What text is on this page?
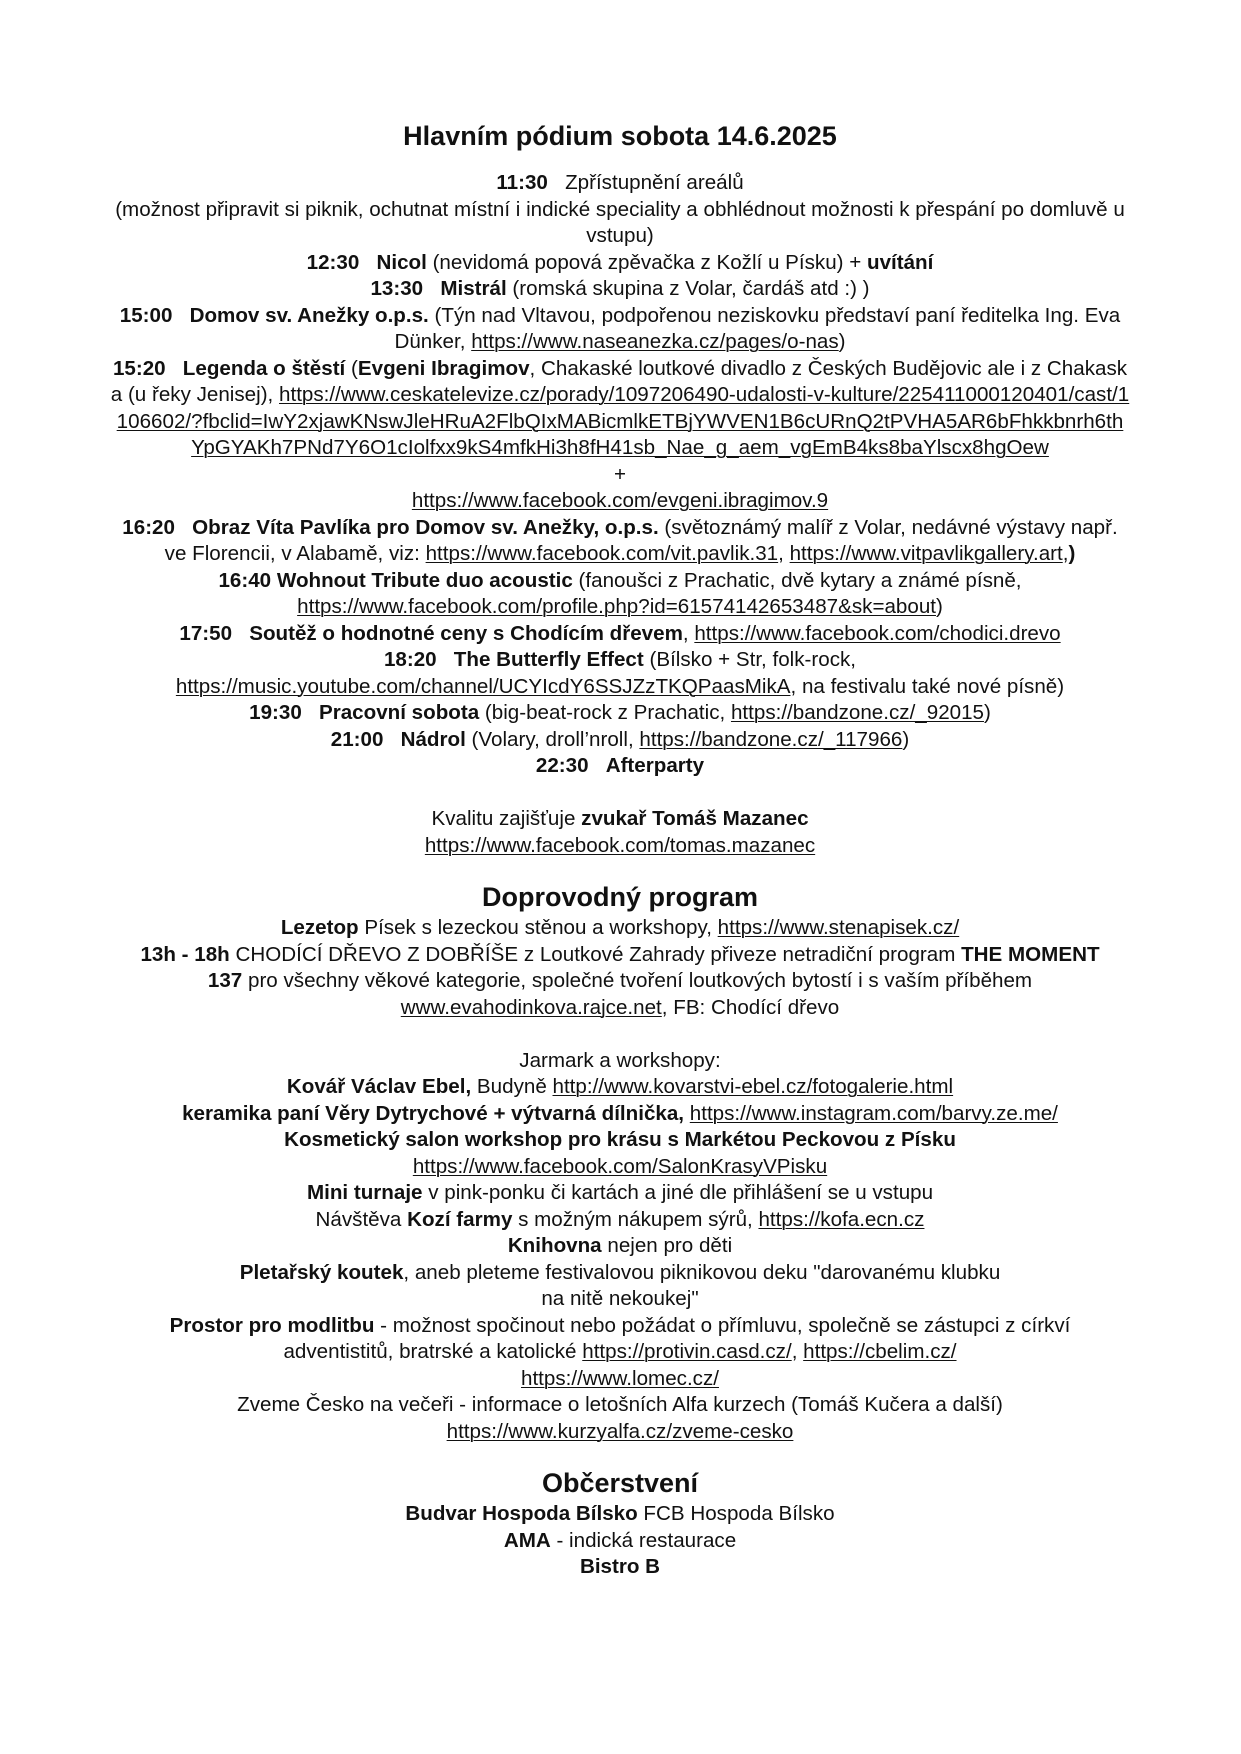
Hlavním pódium sobota 14.6.2025

11:30 Zpřístupnění areálů

(možnost připravit si piknik, ochutnat místní i indické speciality a obhlédnout možnosti k přespání po domluvě u vstupu)

12:30 Nicol (nevidomá popová zpěvačka z Kožlí u Písku) + uvítání

13:30 Mistrál (romská skupina z Volar, čardáš atd :) )

15:00 Domov sv. Anežky o.p.s. (Týn nad Vltavou, podpořenou neziskovku představí paní ředitelka Ing. Eva Dünker, https://www.naseanezka.cz/pages/o-nas)

15:20 Legenda o štěstí (Evgeni Ibragimov, Chakaské loutkové divadlo z Českých Budějovic ale i z Chakaska (u řeky Jenisej), https://www.ceskatelevize.cz/porady/1097206490-udalosti-v-kulture/225411000120401/cast/1106602/?fbclid=IwY2xjawKNswJleHRuA2FlbQIxMABicmlkETBjYWVEN1B6cURnQ2tPVHA5AR6bFhkkbnrh6thYpGYAKh7PNd7Y6O1cIolfxx9kS4mfkHi3h8fH41sb_Nae_g_aem_vgEmB4ks8baYlscx8hgOew

+

https://www.facebook.com/evgeni.ibragimov.9

16:20 Obraz Víta Pavlíka pro Domov sv. Anežky, o.p.s. (světoznámý malíř z Volar, nedávné výstavy např. ve Florencii, v Alabamě, viz: https://www.facebook.com/vit.pavlik.31, https://www.vitpavlikgallery.art,)

16:40 Wohnout Tribute duo acoustic (fanoušci z Prachatic, dvě kytary a známé písně, https://www.facebook.com/profile.php?id=61574142653487&sk=about)

17:50 Soutěž o hodnotné ceny s Chodícím dřevem, https://www.facebook.com/chodici.drevo

18:20 The Butterfly Effect (Bílsko + Str, folk-rock, https://music.youtube.com/channel/UCYIcdY6SSJZzTKQPaasMikA, na festivalu také nové písně)

19:30 Pracovní sobota (big-beat-rock z Prachatic, https://bandzone.cz/_92015)

21:00 Nádrol (Volary, droll’nroll, https://bandzone.cz/_117966)

22:30 Afterparty

Kvalitu zajišťuje zvukař Tomáš Mazanec

https://www.facebook.com/tomas.mazanec

Doprovodný program

Lezetop Písek s lezeckou stěnou a workshopy, https://www.stenapisek.cz/

13h - 18h CHODÍCÍ DŘEVO Z DOBŘÍŠE z Loutkové Zahrady přiveze netradiční program THE MOMENT 137 pro všechny věkové kategorie, společné tvoření loutkových bytostí i s vaším příběhem www.evahodinkova.rajce.net, FB: Chodící dřevo

Jarmark a workshopy:

Kovář Václav Ebel, Budyně http://www.kovarstvi-ebel.cz/fotogalerie.html

keramika paní Věry Dytrychové + výtvarná dílnička, https://www.instagram.com/barvy.ze.me/

Kosmetický salon workshop pro krásu s Markétou Peckovou z Písku

https://www.facebook.com/SalonKrasyVPisku

Mini turnaje v pink-ponku či kartách a jiné dle přihlášení se u vstupu

Návštěva Kozí farmy s možným nákupem sýrů, https://kofa.ecn.cz

Knihovna nejen pro děti

Pletařský koutek, aneb pleteme festivalovou piknikovou deku "darovanému klubku na nitě nekoukej"

Prostor pro modlitbu - možnost spočinout nebo požádat o přímluvu, společně se zástupci z církví adventistitů, bratrské a katolické https://protivin.casd.cz/, https://cbelim.cz/

https://www.lomec.cz/

Zveme Česko na večeři - informace o letošních Alfa kurzech (Tomáš Kučera a další) https://www.kurzyalfa.cz/zveme-cesko

Občerstvení

Budvar Hospoda Bílsko FCB Hospoda Bílsko

AMA - indická restaurace

Bistro B
